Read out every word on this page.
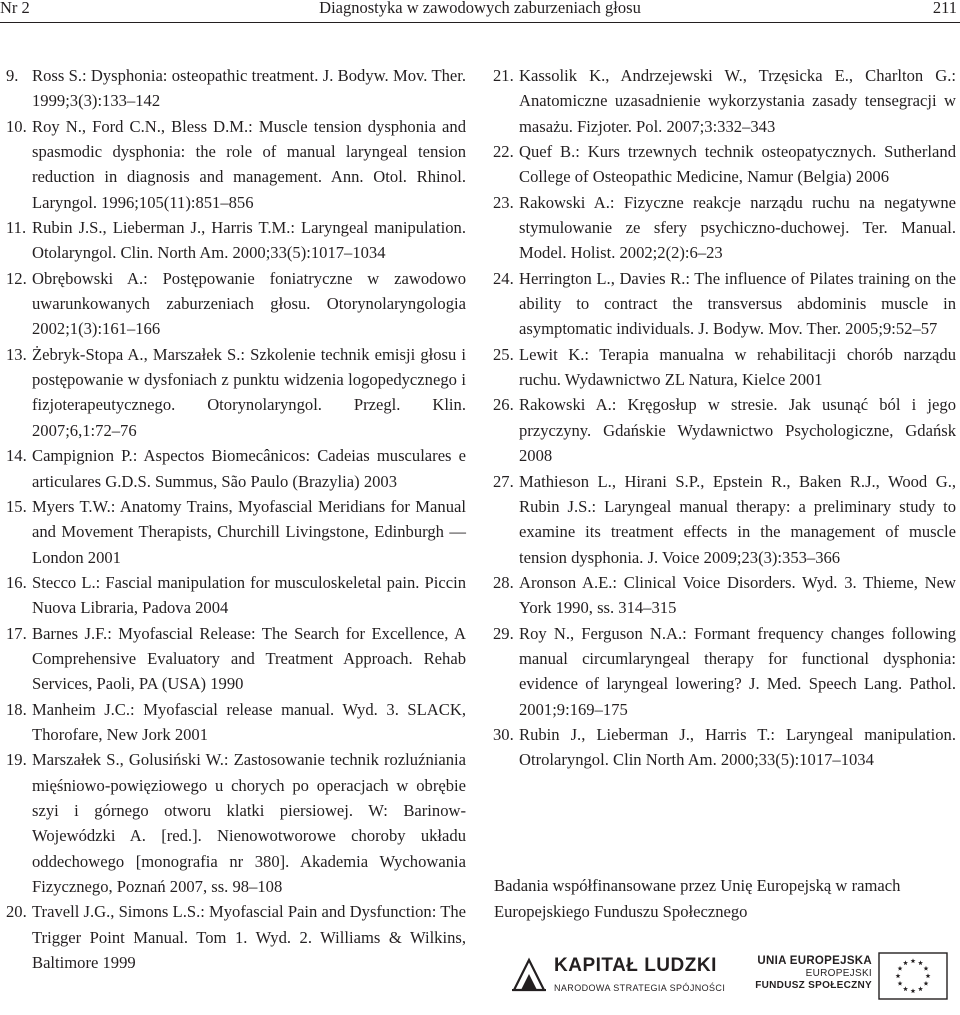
Nr 2	Diagnostyka w zawodowych zaburzeniach głosu	211
9. Ross S.: Dysphonia: osteopathic treatment. J. Bodyw. Mov. Ther. 1999;3(3):133–142
10. Roy N., Ford C.N., Bless D.M.: Muscle tension dysphonia and spasmodic dysphonia: the role of manual laryngeal tension reduction in diagnosis and management. Ann. Otol. Rhinol. Laryngol. 1996;105(11):851–856
11. Rubin J.S., Lieberman J., Harris T.M.: Laryngeal manipulation. Otolaryngol. Clin. North Am. 2000;33(5):1017–1034
12. Obrębowski A.: Postępowanie foniatryczne w zawodowo uwarunkowanych zaburzeniach głosu. Otorynolaryngologia 2002;1(3):161–166
13. Żebryk-Stopa A., Marszałek S.: Szkolenie technik emisji głosu i postępowanie w dysfoniach z punktu widzenia logopedycznego i fizjoterapeutycznego. Otorynolaryngol. Przegl. Klin. 2007;6,1:72–76
14. Campignion P.: Aspectos Biomecânicos: Cadeias musculares e articulares G.D.S. Summus, São Paulo (Brazylia) 2003
15. Myers T.W.: Anatomy Trains, Myofascial Meridians for Manual and Movement Therapists, Churchill Livingstone, Edinburgh — London 2001
16. Stecco L.: Fascial manipulation for musculoskeletal pain. Piccin Nuova Libraria, Padova 2004
17. Barnes J.F.: Myofascial Release: The Search for Excellence, A Comprehensive Evaluatory and Treatment Approach. Rehab Services, Paoli, PA (USA) 1990
18. Manheim J.C.: Myofascial release manual. Wyd. 3. SLACK, Thorofare, New Jork 2001
19. Marszałek S., Golusiński W.: Zastosowanie technik rozluźniania mięśniowo-powięziowego u chorych po operacjach w obrębie szyi i górnego otworu klatki piersiowej. W: Barinow-Wojewódzki A. [red.]. Nienowotworowe choroby układu oddechowego [monografia nr 380]. Akademia Wychowania Fizycznego, Poznań 2007, ss. 98–108
20. Travell J.G., Simons L.S.: Myofascial Pain and Dysfunction: The Trigger Point Manual. Tom 1. Wyd. 2. Williams & Wilkins, Baltimore 1999
21. Kassolik K., Andrzejewski W., Trzęsicka E., Charlton G.: Anatomiczne uzasadnienie wykorzystania zasady tensegracji w masażu. Fizjoter. Pol. 2007;3:332–343
22. Quef B.: Kurs trzewnych technik osteopatycznych. Sutherland College of Osteopathic Medicine, Namur (Belgia) 2006
23. Rakowski A.: Fizyczne reakcje narządu ruchu na negatywne stymulowanie ze sfery psychiczno-duchowej. Ter. Manual. Model. Holist. 2002;2(2):6–23
24. Herrington L., Davies R.: The influence of Pilates training on the ability to contract the transversus abdominis muscle in asymptomatic individuals. J. Bodyw. Mov. Ther. 2005;9:52–57
25. Lewit K.: Terapia manualna w rehabilitacji chorób narządu ruchu. Wydawnictwo ZL Natura, Kielce 2001
26. Rakowski A.: Kręgosłup w stresie. Jak usunąć ból i jego przyczyny. Gdańskie Wydawnictwo Psychologiczne, Gdańsk 2008
27. Mathieson L., Hirani S.P., Epstein R., Baken R.J., Wood G., Rubin J.S.: Laryngeal manual therapy: a preliminary study to examine its treatment effects in the management of muscle tension dysphonia. J. Voice 2009;23(3):353–366
28. Aronson A.E.: Clinical Voice Disorders. Wyd. 3. Thieme, New York 1990, ss. 314–315
29. Roy N., Ferguson N.A.: Formant frequency changes following manual circumlaryngeal therapy for functional dysphonia: evidence of laryngeal lowering? J. Med. Speech Lang. Pathol. 2001;9:169–175
30. Rubin J., Lieberman J., Harris T.: Laryngeal manipulation. Otrolaryngol. Clin North Am. 2000;33(5):1017–1034

Badania współfinansowane przez Unię Europejską w ramach Europejskiego Funduszu Społecznego

KAPITAŁ LUDZKI
NARODOWA STRATEGIA SPÓJNOŚCI
UNIA EUROPEJSKA
EUROPEJSKI
FUNDUSZ SPOŁECZNY
